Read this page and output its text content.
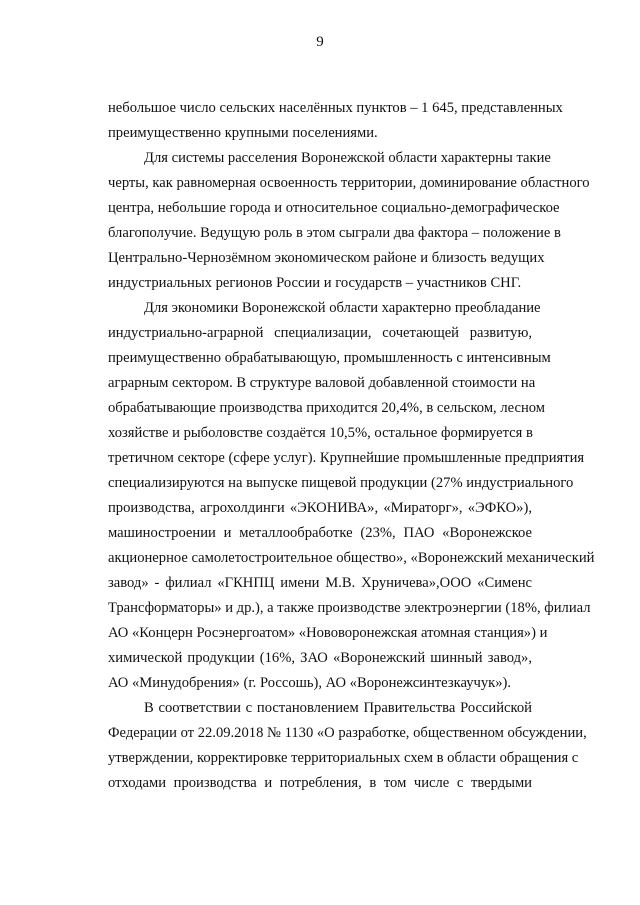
9
небольшое число сельских населённых пунктов – 1 645, представленных
преимущественно крупными поселениями.
Для системы расселения Воронежской области характерны такие
черты, как равномерная освоенность территории, доминирование областного
центра, небольшие города и относительное социально-демографическое
благополучие. Ведущую роль в этом сыграли два фактора – положение в
Центрально-Чернозёмном экономическом районе и близость ведущих
индустриальных регионов России и государств – участников СНГ.
Для экономики Воронежской области характерно преобладание
индустриально-аграрной специализации, сочетающей развитую,
преимущественно обрабатывающую, промышленность с интенсивным
аграрным сектором. В структуре валовой добавленной стоимости на
обрабатывающие производства приходится 20,4%, в сельском, лесном
хозяйстве и рыболовстве создаётся 10,5%, остальное формируется в
третичном секторе (сфере услуг). Крупнейшие промышленные предприятия
специализируются на выпуске пищевой продукции (27% индустриального
производства, агрохолдинги «ЭКОНИВА», «Мираторг», «ЭФКО»),
машиностроении и металлообработке (23%, ПАО «Воронежское
акционерное самолетостроительное общество», «Воронежский механический
завод» - филиал «ГКНПЦ имени М.В. Хруничева»,ООО «Сименс
Трансформаторы» и др.), а также производстве электроэнергии (18%, филиал
АО «Концерн Росэнергоатом» «Нововоронежская атомная станция») и
химической продукции (16%, ЗАО «Воронежский шинный завод»,
АО «Минудобрения» (г. Россошь), АО «Воронежсинтезкаучук»).
В соответствии с постановлением Правительства Российской
Федерации от 22.09.2018 № 1130 «О разработке, общественном обсуждении,
утверждении, корректировке территориальных схем в области обращения с
отходами производства и потребления, в том числе с твердыми
